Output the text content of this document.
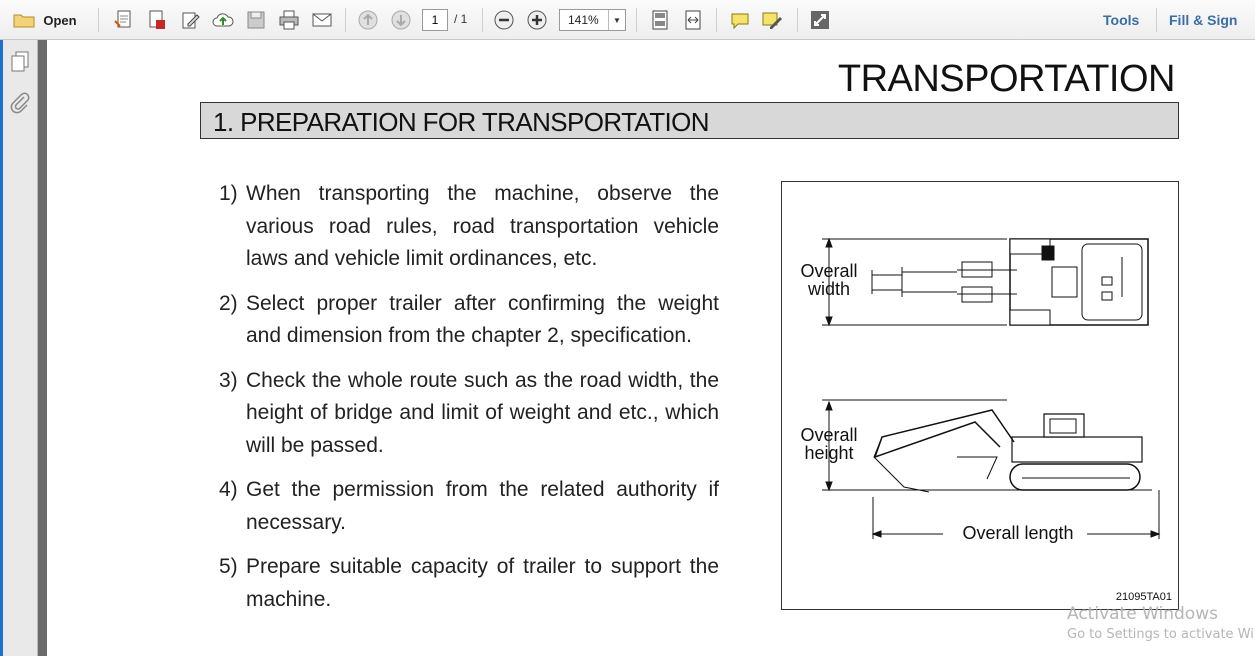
Open	1	/ 1	141%	▼	Tools Fill & Sign
TRANSPORTATION
1. PREPARATION FOR TRANSPORTATION
1) When transporting the machine, observe the various road rules, road transportation vehicle laws and vehicle limit ordinances, etc.
2) Select proper trailer after confirming the weight and dimension from the chapter 2, specification.
3) Check the whole route such as the road width, the height of bridge and limit of weight and etc., which will be passed.
4) Get the permission from the related authority if necessary.
5) Prepare suitable capacity of trailer to support the machine.
Overall
width
Overall
height
Overall length
21095TA01
Activate Windows
Go to Settings to activate Wi
